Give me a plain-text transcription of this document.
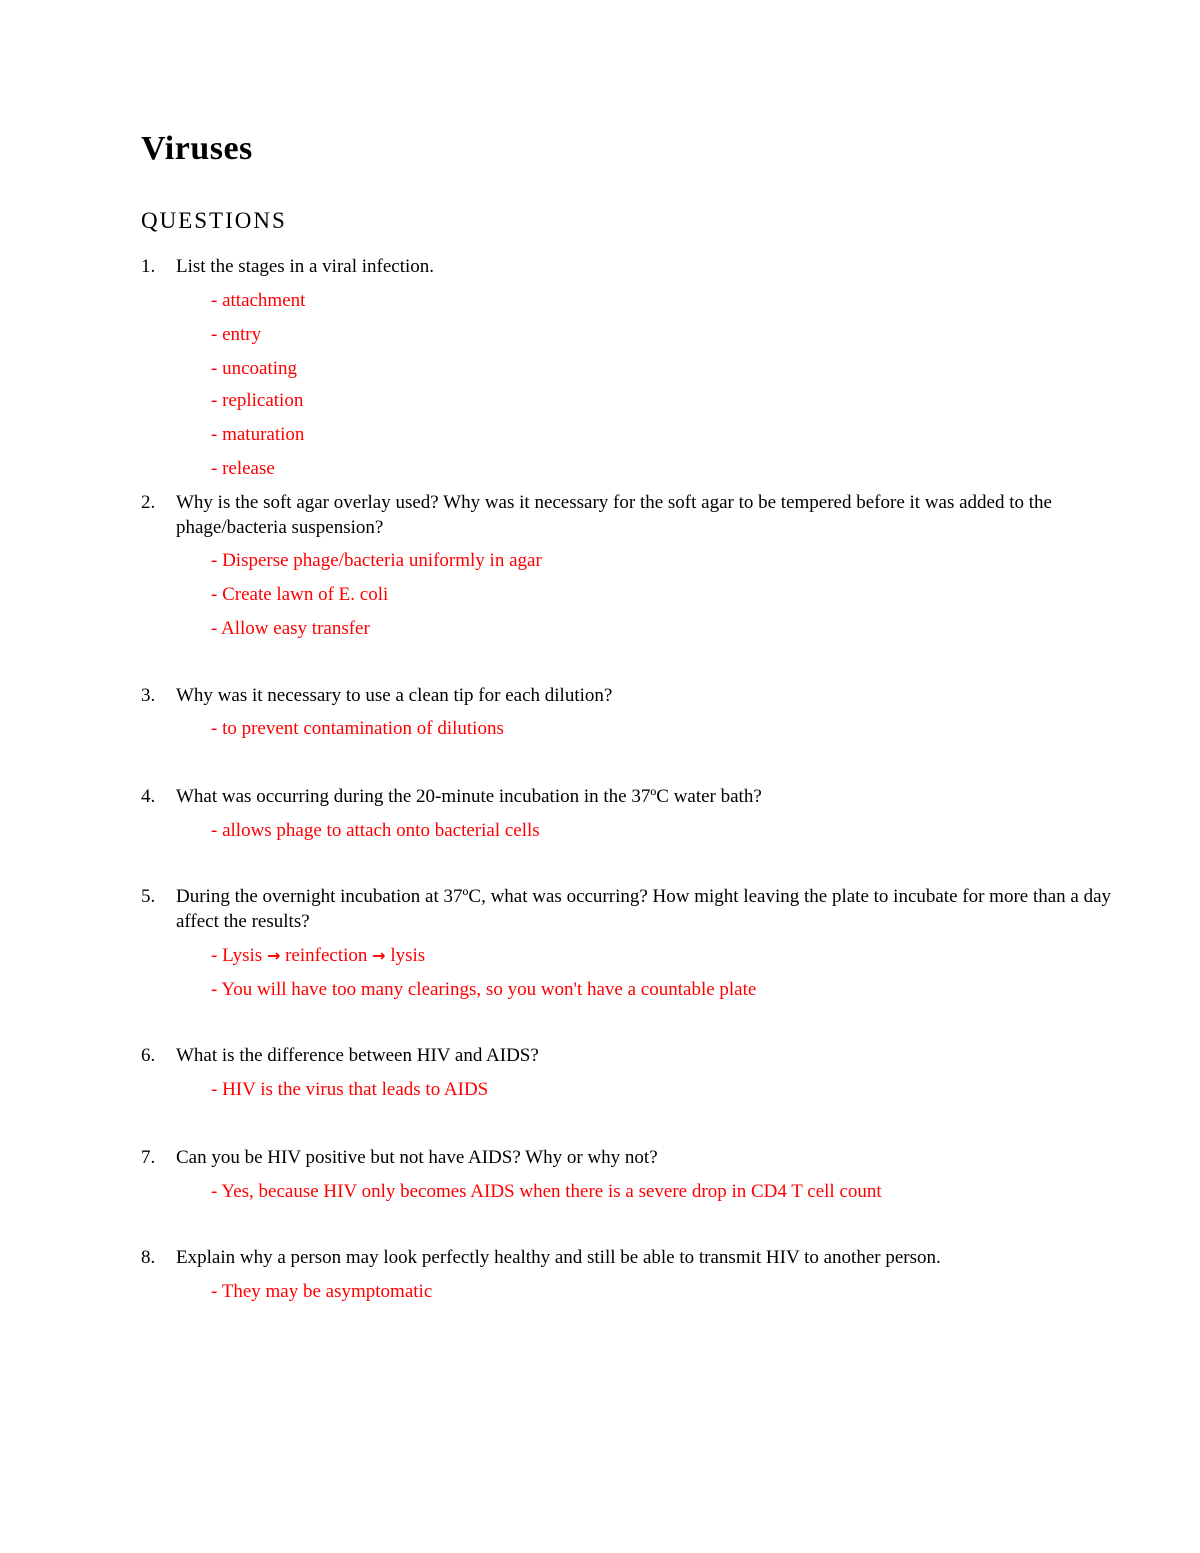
Viruses
QUESTIONS
1. List the stages in a viral infection.
- attachment
- entry
- uncoating
- replication
- maturation
- release
2. Why is the soft agar overlay used? Why was it necessary for the soft agar to be tempered before it was added to the phage/bacteria suspension?
- Disperse phage/bacteria uniformly in agar
- Create lawn of E. coli
- Allow easy transfer
3. Why was it necessary to use a clean tip for each dilution?
- to prevent contamination of dilutions
4. What was occurring during the 20-minute incubation in the 37ºC water bath?
- allows phage to attach onto bacterial cells
5. During the overnight incubation at 37ºC, what was occurring? How might leaving the plate to incubate for more than a day affect the results?
- Lysis → reinfection → lysis
- You will have too many clearings, so you won't have a countable plate
6. What is the difference between HIV and AIDS?
- HIV is the virus that leads to AIDS
7. Can you be HIV positive but not have AIDS? Why or why not?
- Yes, because HIV only becomes AIDS when there is a severe drop in CD4 T cell count
8. Explain why a person may look perfectly healthy and still be able to transmit HIV to another person.
- They may be asymptomatic
